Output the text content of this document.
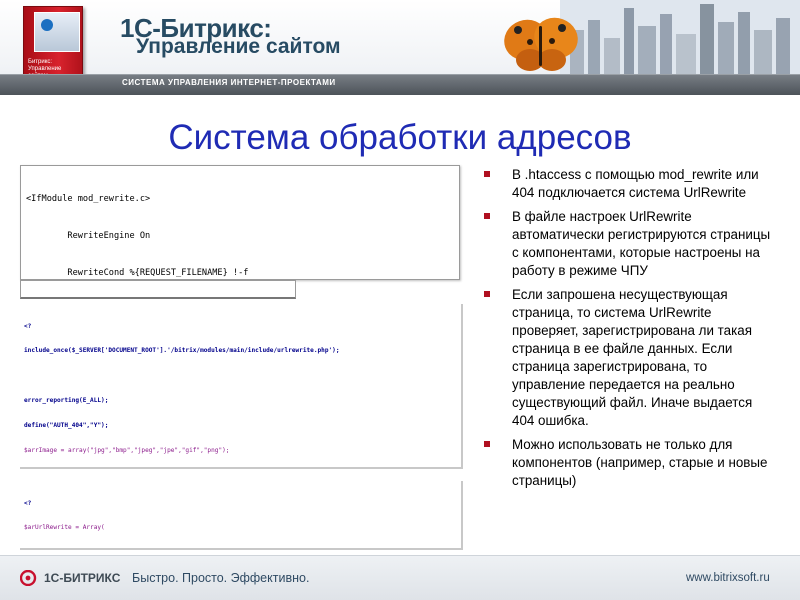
Битрикс: Управление
1С-Битрикс:
Управление сайтом
СИСТЕМА УПРАВЛЕНИЯ ИНТЕРНЕТ-ПРОЕКТАМИ
Система обработки адресов

<IfModule mod_rewrite.c>

RewriteEngine On

RewriteCond %{REQUEST_FILENAME} !-f

<?

include_once($_SERVER['DOCUMENT_ROOT'].'/bitrix/modules/main/include/urlrewrite.php');

error_reporting(E_ALL);

define("AUTH_404","Y");

$arrImage = array("jpg","bmp","jpeg","jpe","gif","png");

<?

$arUrlRewrite = Array(

В .htaccess с помощью mod_rewrite или 404 подключается система UrlRewrite
В файле настроек UrlRewrite автоматически регистрируются страницы с компонентами, которые настроены на работу в режиме ЧПУ
Если запрошена несуществующая страница, то система UrlRewrite проверяет, зарегистрирована ли такая страница в ее файле данных. Если страница зарегистрирована, то управление передается на реально существующий файл. Иначе выдается 404 ошибка.
Можно использовать не только для компонентов (например, старые и новые страницы)
1С-БИТРИКС Быстро. Просто. Эффективно.	www.bitrixsoft.ru
